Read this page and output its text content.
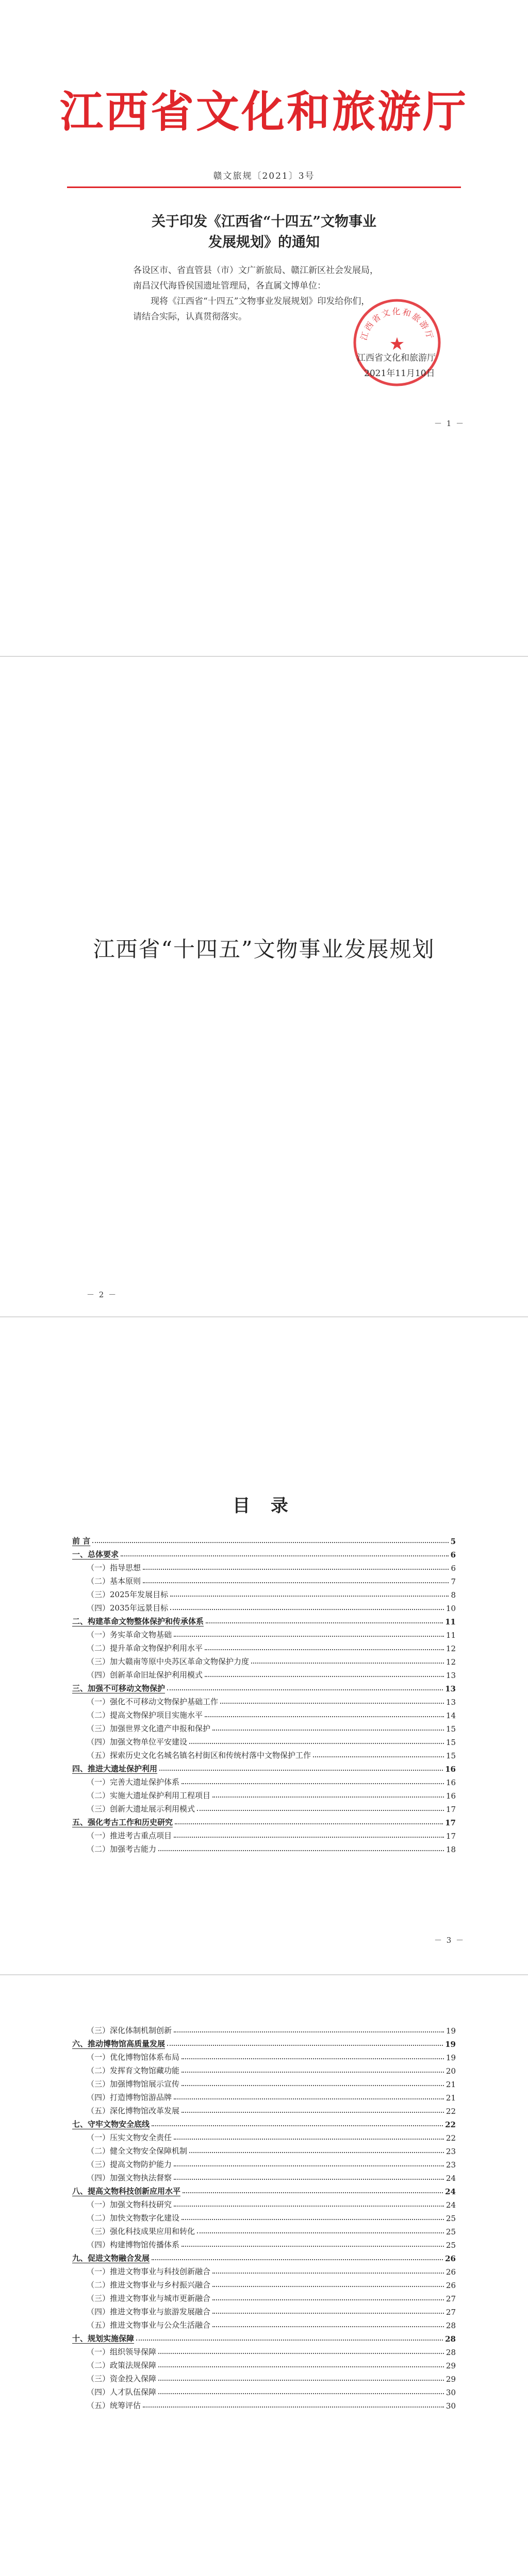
江西省文化和旅游厅
赣文旅规〔2021〕3号
关于印发《江西省“十四五”文物事业
发展规划》的通知
各设区市、省直管县（市）文广新旅局、赣江新区社会发展局，
南昌汉代海昏侯国遗址管理局，各直属文博单位：
现将《江西省“十四五”文物事业发展规划》印发给你们，
请结合实际，认真贯彻落实。
江西省文化和旅游厅
★
江西省文化和旅游厅
2021年11月10日
－ 1 －
江西省“十四五”文物事业发展规划
－ 2 －
目 录
前 言	5
一、总体要求	6
（一）指导思想	6
（二）基本原则	7
（三）2025年发展目标	8
（四）2035年远景目标	10
二、构建革命文物整体保护和传承体系	11
（一）务实革命文物基础	11
（二）提升革命文物保护利用水平	12
（三）加大赣南等原中央苏区革命文物保护力度	12
（四）创新革命旧址保护利用模式	13
三、加强不可移动文物保护	13
（一）强化不可移动文物保护基础工作	13
（二）提高文物保护项目实施水平	14
（三）加强世界文化遗产申报和保护	15
（四）加强文物单位平安建设	15
（五）探索历史文化名城名镇名村街区和传统村落中文物保护工作	15
四、推进大遗址保护利用	16
（一）完善大遗址保护体系	16
（二）实施大遗址保护利用工程项目	16
（三）创新大遗址展示利用模式	17
五、强化考古工作和历史研究	17
（一）推进考古重点项目	17
（二）加强考古能力	18
－ 3 －
（三）深化体制机制创新	19
六、推动博物馆高质量发展	19
（一）优化博物馆体系布局	19
（二）发挥育文物馆藏功能	20
（三）加强博物馆展示宣传	21
（四）打造博物馆游品牌	21
（五）深化博物馆改革发展	22
七、守牢文物安全底线	22
（一）压实文物安全责任	22
（二）健全文物安全保障机制	23
（三）提高文物防护能力	23
（四）加强文物执法督察	24
八、提高文物科技创新应用水平	24
（一）加强文物科技研究	24
（二）加快文物数字化建设	25
（三）强化科技成果应用和转化	25
（四）构建博物馆传播体系	25
九、促进文物融合发展	26
（一）推进文物事业与科技创新融合	26
（二）推进文物事业与乡村振兴融合	26
（三）推进文物事业与城市更新融合	27
（四）推进文物事业与旅游发展融合	27
（五）推进文物事业与公众生活融合	28
十、规划实施保障	28
（一）组织领导保障	28
（二）政策法规保障	29
（三）资金投入保障	29
（四）人才队伍保障	30
（五）统筹评估	30
